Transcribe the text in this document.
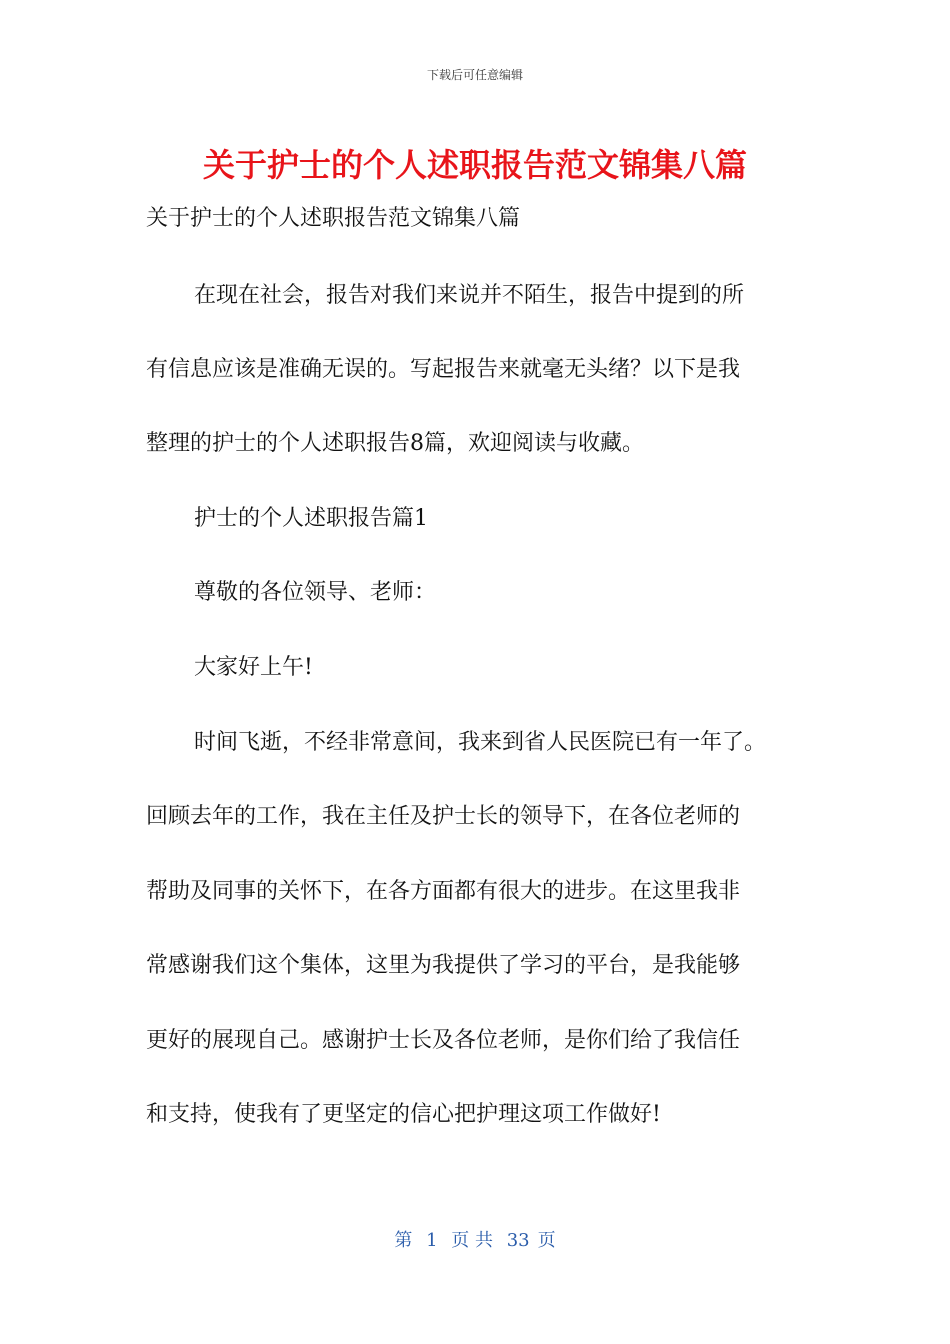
下载后可任意编辑
关于护士的个人述职报告范文锦集八篇

关于护士的个人述职报告范文锦集八篇

在现在社会，报告对我们来说并不陌生，报告中提到的所

有信息应该是准确无误的。写起报告来就毫无头绪？以下是我

整理的护士的个人述职报告8篇，欢迎阅读与收藏。

护士的个人述职报告篇1

尊敬的各位领导、老师：

大家好上午!

时间飞逝，不经非常意间，我来到省人民医院已有一年了。

回顾去年的工作，我在主任及护士长的领导下，在各位老师的

帮助及同事的关怀下，在各方面都有很大的进步。在这里我非

常感谢我们这个集体，这里为我提供了学习的平台，是我能够

更好的展现自己。感谢护士长及各位老师，是你们给了我信任

和支持，使我有了更坚定的信心把护理这项工作做好!

第 1 页 共 33 页
